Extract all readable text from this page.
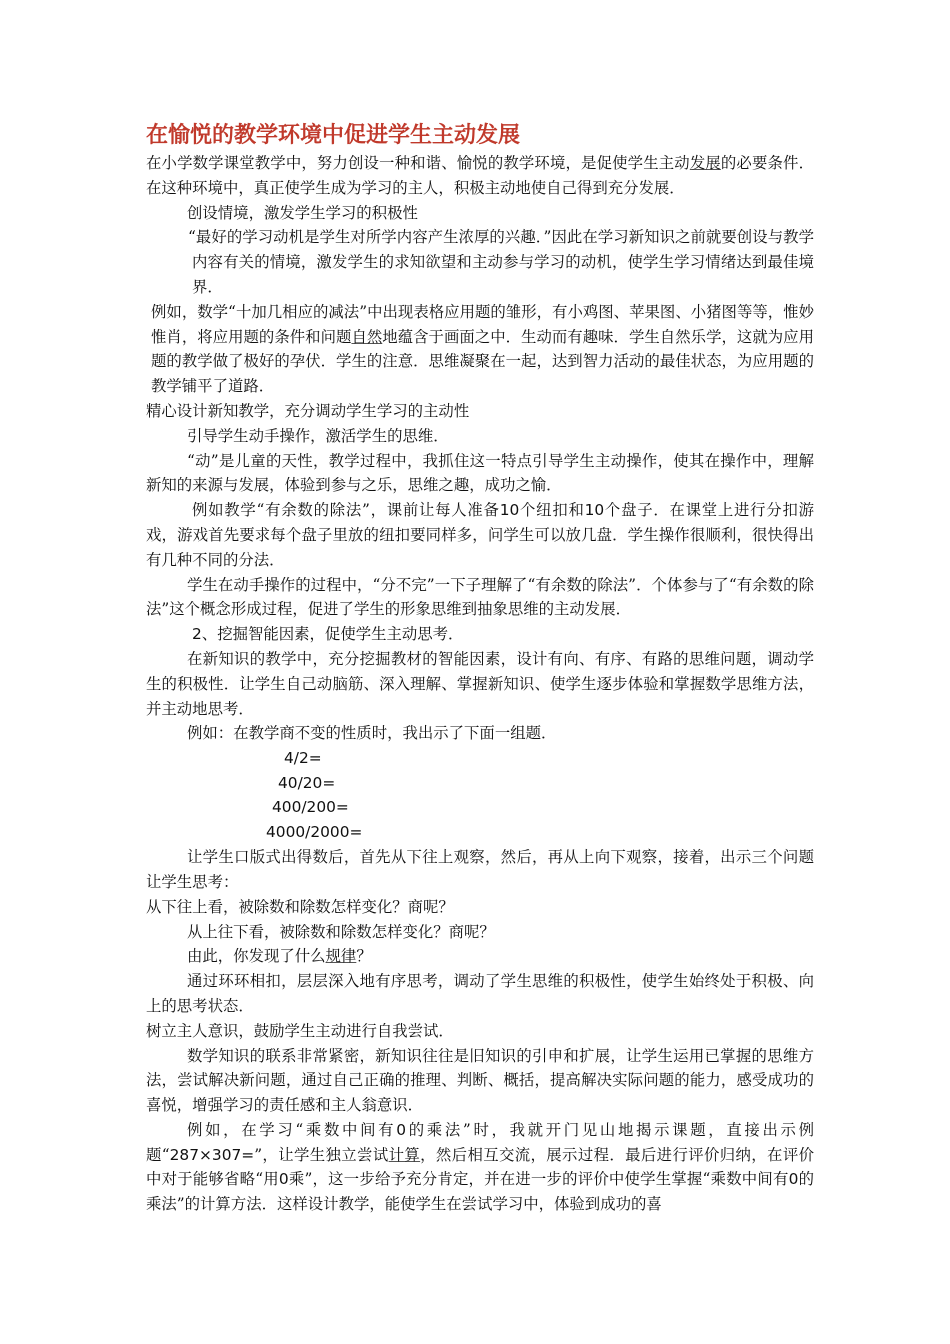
在愉悦的教学环境中促进学生主动发展

在小学数学课堂教学中，努力创设一种和谐、愉悦的教学环境，是促使学生主动发展的必要条件．在这种环境中，真正使学生成为学习的主人，积极主动地使自己得到充分发展．

创设情境，激发学生学习的积极性

“最好的学习动机是学生对所学内容产生浓厚的兴趣．”因此在学习新知识之前就要创设与教学内容有关的情境，激发学生的求知欲望和主动参与学习的动机，使学生学习情绪达到最佳境界．

例如，数学“十加几相应的减法”中出现表格应用题的雏形，有小鸡图、苹果图、小猪图等等，惟妙惟肖，将应用题的条件和问题自然地蕴含于画面之中．生动而有趣味．学生自然乐学，这就为应用题的教学做了极好的孕伏．学生的注意．思维凝聚在一起，达到智力活动的最佳状态，为应用题的教学铺平了道路．

精心设计新知教学，充分调动学生学习的主动性

引导学生动手操作，激活学生的思维．

“动”是儿童的天性，教学过程中，我抓住这一特点引导学生主动操作，使其在操作中，理解新知的来源与发展，体验到参与之乐，思维之趣，成功之愉．

例如教学“有余数的除法”，课前让每人准备10个纽扣和10个盘子．在课堂上进行分扣游戏，游戏首先要求每个盘子里放的纽扣要同样多，问学生可以放几盘．学生操作很顺利，很快得出有几种不同的分法．

学生在动手操作的过程中，“分不完”一下子理解了“有余数的除法”．个体参与了“有余数的除法”这个概念形成过程，促进了学生的形象思维到抽象思维的主动发展．

2、挖掘智能因素，促使学生主动思考．

在新知识的教学中，充分挖掘教材的智能因素，设计有向、有序、有路的思维问题，调动学生的积极性．让学生自己动脑筋、深入理解、掌握新知识、使学生逐步体验和掌握数学思维方法，并主动地思考．

例如：在教学商不变的性质时，我出示了下面一组题．

4/2=
40/20=
400/200=
4000/2000=

让学生口版式出得数后，首先从下往上观察，然后，再从上向下观察，接着，出示三个问题让学生思考：

从下往上看，被除数和除数怎样变化？商呢？

从上往下看，被除数和除数怎样变化？商呢？

由此，你发现了什么规律？

通过环环相扣，层层深入地有序思考，调动了学生思维的积极性，使学生始终处于积极、向上的思考状态．

树立主人意识，鼓励学生主动进行自我尝试．

数学知识的联系非常紧密，新知识往往是旧知识的引申和扩展，让学生运用已掌握的思维方法，尝试解决新问题，通过自己正确的推理、判断、概括，提高解决实际问题的能力，感受成功的喜悦，增强学习的责任感和主人翁意识．

例如，在学习“乘数中间有0的乘法”时，我就开门见山地揭示课题，直接出示例题“287×307=”，让学生独立尝试计算，然后相互交流，展示过程．最后进行评价归纳，在评价中对于能够省略“用0乘”，这一步给予充分肯定，并在进一步的评价中使学生掌握“乘数中间有0的乘法”的计算方法．这样设计教学，能使学生在尝试学习中，体验到成功的喜
